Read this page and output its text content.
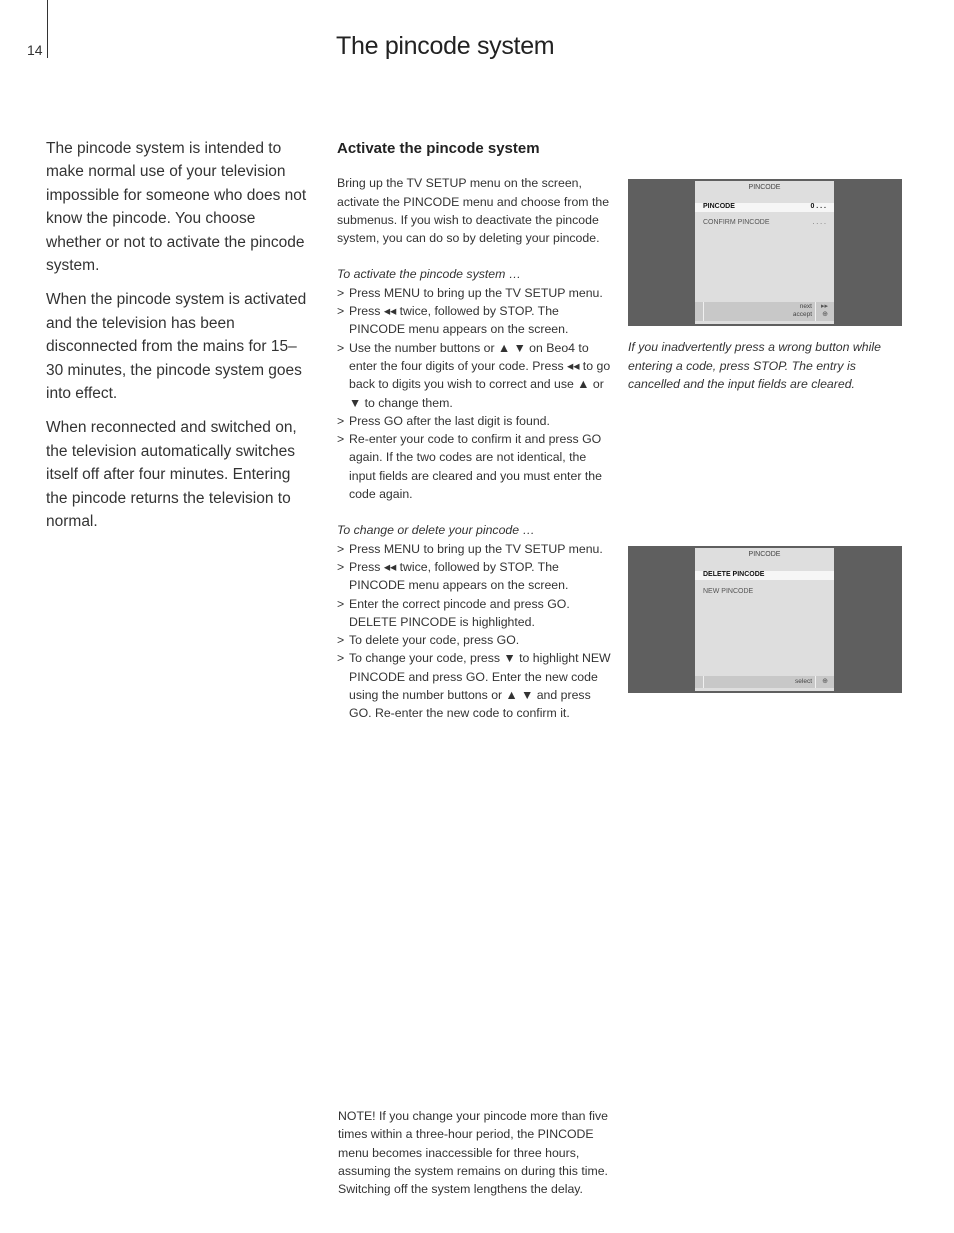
14	The pincode system

The pincode system is intended to make normal use of your television impossible for someone who does not know the pincode. You choose whether or not to activate the pincode system.

When the pincode system is activated and the television has been disconnected from the mains for 15–30 minutes, the pincode system goes into effect.

When reconnected and switched on, the television automatically switches itself off after four minutes. Entering the pincode returns the television to normal.

Activate the pincode system

Bring up the TV SETUP menu on the screen, activate the PINCODE menu and choose from the submenus. If you wish to deactivate the pincode system, you can do so by deleting your pincode.

To activate the pincode system …

> Press MENU to bring up the TV SETUP menu.
> Press ◂◂ twice, followed by STOP. The PINCODE menu appears on the screen.
> Use the number buttons or ▲ ▼ on Beo4 to enter the four digits of your code. Press ◂◂ to go back to digits you wish to correct and use ▲ or ▼ to change them.
> Press GO after the last digit is found.
> Re-enter your code to confirm it and press GO again. If the two codes are not identical, the input fields are cleared and you must enter the code again.

To change or delete your pincode …

> Press MENU to bring up the TV SETUP menu.
> Press ◂◂ twice, followed by STOP. The PINCODE menu appears on the screen.
> Enter the correct pincode and press GO. DELETE PINCODE is highlighted.
> To delete your code, press GO.
> To change your code, press ▼ to highlight NEW PINCODE and press GO. Enter the new code using the number buttons or ▲ ▼ and press GO. Re-enter the new code to confirm it.
PINCODE
PINCODE	0 . . .
CONFIRM PINCODE	. . . .
next
accept
▸▸
⊕
If you inadvertently press a wrong button while entering a code, press STOP. The entry is cancelled and the input fields are cleared.
PINCODE
DELETE PINCODE
NEW PINCODE
select ⊕
NOTE! If you change your pincode more than five times within a three-hour period, the PINCODE menu becomes inaccessible for three hours, assuming the system remains on during this time. Switching off the system lengthens the delay.
